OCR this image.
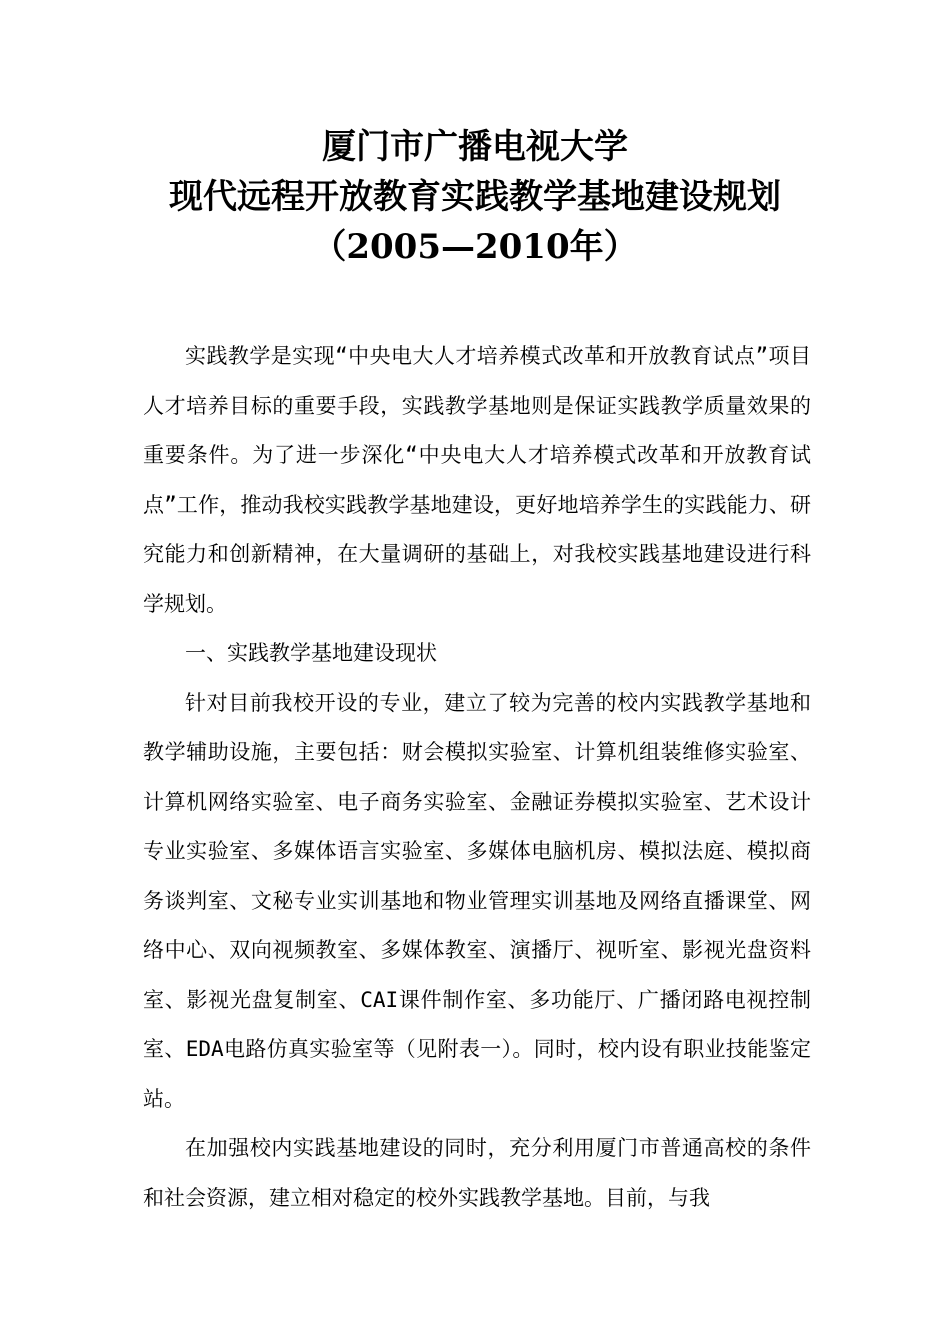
厦门市广播电视大学
现代远程开放教育实践教学基地建设规划
（2005—2010年）

实践教学是实现“中央电大人才培养模式改革和开放教育试点”项目人才培养目标的重要手段，实践教学基地则是保证实践教学质量效果的重要条件。为了进一步深化“中央电大人才培养模式改革和开放教育试点”工作，推动我校实践教学基地建设，更好地培养学生的实践能力、研究能力和创新精神，在大量调研的基础上，对我校实践基地建设进行科学规划。

一、实践教学基地建设现状

针对目前我校开设的专业，建立了较为完善的校内实践教学基地和教学辅助设施，主要包括：财会模拟实验室、计算机组装维修实验室、计算机网络实验室、电子商务实验室、金融证券模拟实验室、艺术设计专业实验室、多媒体语言实验室、多媒体电脑机房、模拟法庭、模拟商务谈判室、文秘专业实训基地和物业管理实训基地及网络直播课堂、网络中心、双向视频教室、多媒体教室、演播厅、视听室、影视光盘资料室、影视光盘复制室、CAI课件制作室、多功能厅、广播闭路电视控制室、EDA电路仿真实验室等（见附表一）。同时，校内设有职业技能鉴定站。

在加强校内实践基地建设的同时，充分利用厦门市普通高校的条件和社会资源，建立相对稳定的校外实践教学基地。目前，与我
